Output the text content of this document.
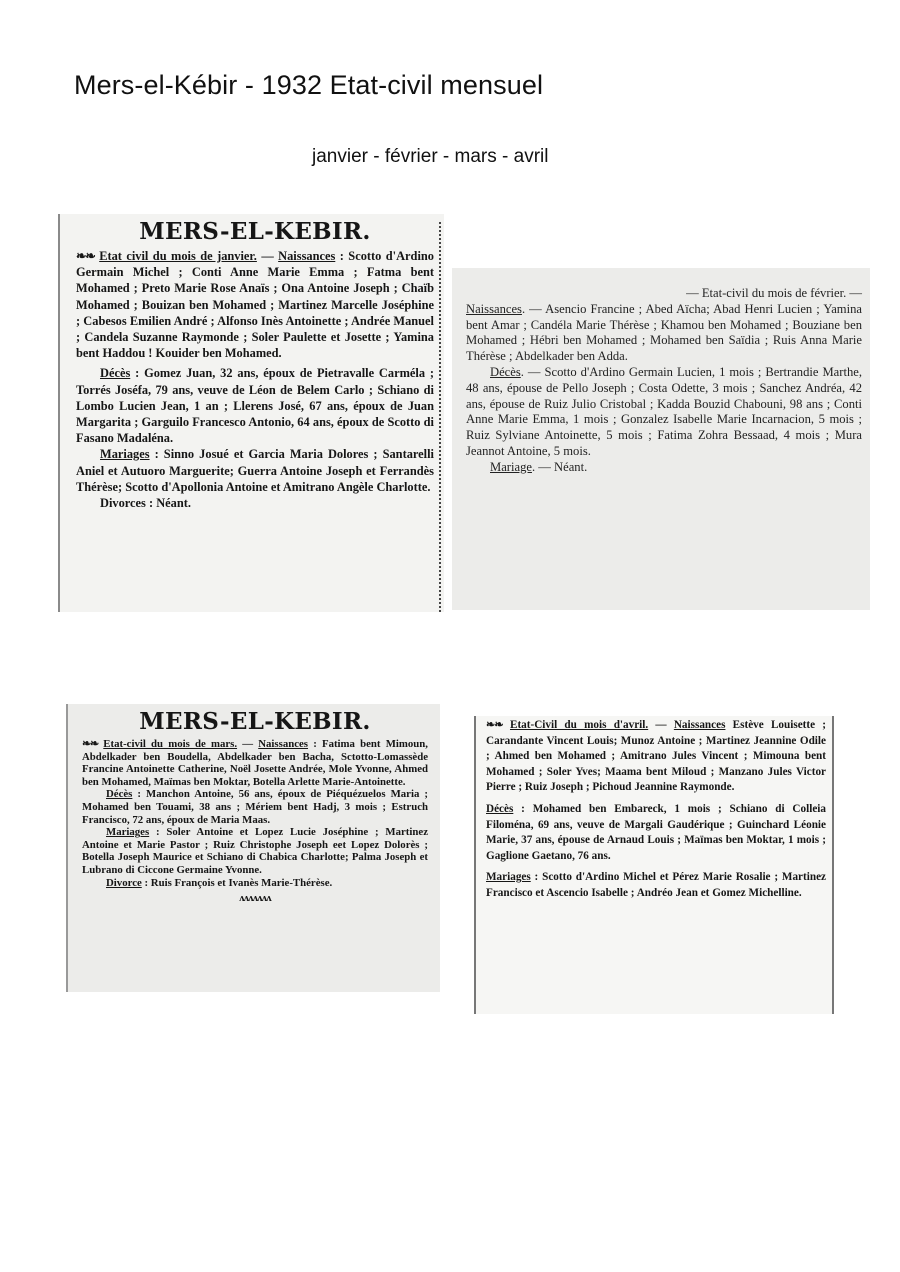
Mers-el-Kébir - 1932 Etat-civil mensuel
janvier - février - mars - avril
MERS-EL-KEBIR.

❧❧ Etat civil du mois de janvier. — Naissances : Scotto d'Ardino Germain Michel ; Conti Anne Marie Emma ; Fatma bent Mohamed ; Preto Marie Rose Anaïs ; Ona Antoine Joseph ; Chaïb Mohamed ; Bouizan ben Mohamed ; Martinez Marcelle Joséphine ; Cabesos Emilien André ; Alfonso Inès Antoinette ; Andrée Manuel ; Candela Suzanne Raymonde ; Soler Paulette et Josette ; Yamina bent Haddou ! Kouider ben Mohamed.

Décès : Gomez Juan, 32 ans, époux de Pietravalle Carméla ; Torrés Joséfa, 79 ans, veuve de Léon de Belem Carlo ; Schiano di Lombo Lucien Jean, 1 an ; Llerens José, 67 ans, époux de Juan Margarita ; Garguilo Francesco Antonio, 64 ans, époux de Scotto di Fasano Madaléna.

Mariages : Sinno Josué et Garcia Maria Dolores ; Santarelli Aniel et Autuoro Marguerite; Guerra Antoine Joseph et Ferrandès Thérèse; Scotto d'Apollonia Antoine et Amitrano Angèle Charlotte.

Divorces : Néant.

— Etat-civil du mois de février. —

Naissances. — Asencio Francine ; Abed Aïcha; Abad Henri Lucien ; Yamina bent Amar ; Candéla Marie Thérèse ; Khamou ben Mohamed ; Bouziane ben Mohamed ; Hébri ben Mohamed ; Mohamed ben Saïdia ; Ruis Anna Marie Thérèse ; Abdelkader ben Adda.

Décès. — Scotto d'Ardino Germain Lucien, 1 mois ; Bertrandie Marthe, 48 ans, épouse de Pello Joseph ; Costa Odette, 3 mois ; Sanchez Andréa, 42 ans, épouse de Ruiz Julio Cristobal ; Kadda Bouzid Chabouni, 98 ans ; Conti Anne Marie Emma, 1 mois ; Gonzalez Isabelle Marie Incarnacion, 5 mois ; Ruiz Sylviane Antoinette, 5 mois ; Fatima Zohra Bessaad, 4 mois ; Mura Jeannot Antoine, 5 mois.

Mariage. — Néant.

MERS-EL-KEBIR.

❧❧ Etat-civil du mois de mars. — Naissances : Fatima bent Mimoun, Abdelkader ben Boudella, Abdelkader ben Bacha, Sctotto-Lomassède Francine Antoinette Catherine, Noël Josette Andrée, Mole Yvonne, Ahmed ben Mohamed, Maïmas ben Moktar, Botella Arlette Marie-Antoinette.

Décès : Manchon Antoine, 56 ans, époux de Piéquézuelos Maria ; Mohamed ben Touami, 38 ans ; Mériem bent Hadj, 3 mois ; Estruch Francisco, 72 ans, époux de Maria Maas.

Mariages : Soler Antoine et Lopez Lucie Joséphine ; Martinez Antoine et Marie Pastor ; Ruiz Christophe Joseph eet Lopez Dolorès ; Botella Joseph Maurice et Schiano di Chabica Charlotte; Palma Joseph et Lubrano di Ciccone Germaine Yvonne.

Divorce : Ruis François et Ivanès Marie-Thérèse.

ʌʌʌʌʌʌʌ

❧❧ Etat-Civil du mois d'avril. — Naissances Estève Louisette ; Carandante Vincent Louis; Munoz Antoine ; Martinez Jeannine Odile ; Ahmed ben Mohamed ; Amitrano Jules Vincent ; Mimouna bent Mohamed ; Soler Yves; Maama bent Miloud ; Manzano Jules Victor Pierre ; Ruiz Joseph ; Pichoud Jeannine Raymonde.

Décès : Mohamed ben Embareck, 1 mois ; Schiano di Colleia Filoména, 69 ans, veuve de Margali Gaudérique ; Guinchard Léonie Marie, 37 ans, épouse de Arnaud Louis ; Maïmas ben Moktar, 1 mois ; Gaglione Gaetano, 76 ans.

Mariages : Scotto d'Ardino Michel et Pérez Marie Rosalie ; Martinez Francisco et Ascencio Isabelle ; Andréo Jean et Gomez Michelline.
